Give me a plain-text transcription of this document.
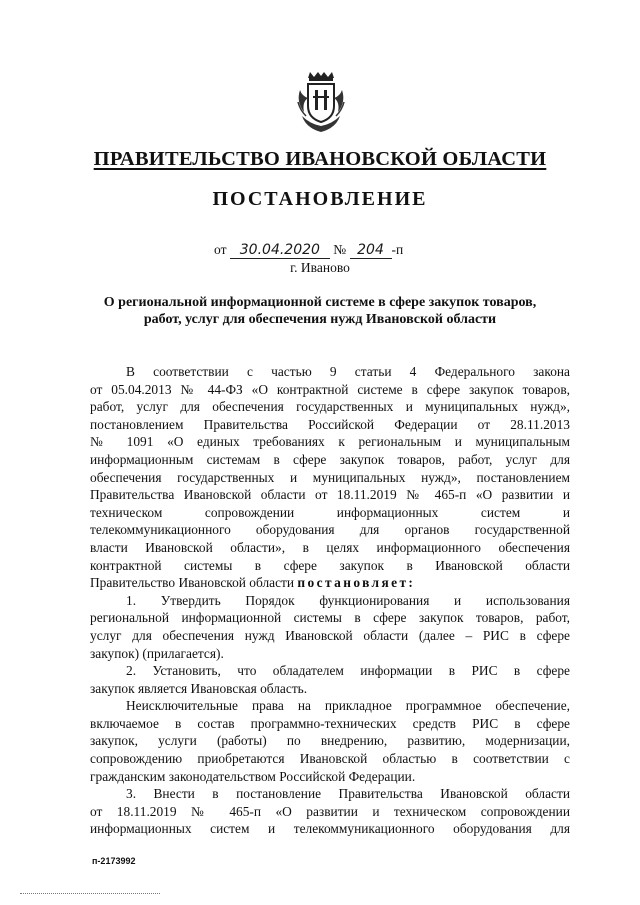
ПРАВИТЕЛЬСТВО ИВАНОВСКОЙ ОБЛАСТИ
ПОСТАНОВЛЕНИЕ
от 30.04.2020 № 204 -п
г. Иваново
О региональной информационной системе в сфере закупок товаров,
работ, услуг для обеспечения нужд Ивановской области
В соответствии с частью 9 статьи 4 Федерального закона
от 05.04.2013 № 44-ФЗ «О контрактной системе в сфере закупок товаров,
работ, услуг для обеспечения государственных и муниципальных нужд»,
постановлением Правительства Российской Федерации от 28.11.2013
№ 1091 «О единых требованиях к региональным и муниципальным
информационным системам в сфере закупок товаров, работ, услуг для
обеспечения государственных и муниципальных нужд», постановлением
Правительства Ивановской области от 18.11.2019 № 465-п «О развитии и
техническом сопровождении информационных систем и
телекоммуникационного оборудования для органов государственной
власти Ивановской области», в целях информационного обеспечения
контрактной системы в сфере закупок в Ивановской области
Правительство Ивановской области постановляет:
1. Утвердить Порядок функционирования и использования
региональной информационной системы в сфере закупок товаров, работ,
услуг для обеспечения нужд Ивановской области (далее – РИС в сфере
закупок) (прилагается).
2. Установить, что обладателем информации в РИС в сфере
закупок является Ивановская область.
Неисключительные права на прикладное программное обеспечение,
включаемое в состав программно-технических средств РИС в сфере
закупок, услуги (работы) по внедрению, развитию, модернизации,
сопровождению приобретаются Ивановской областью в соответствии с
гражданским законодательством Российской Федерации.
3. Внести в постановление Правительства Ивановской области
от 18.11.2019 № 465-п «О развитии и техническом сопровождении
информационных систем и телекоммуникационного оборудования для
п-2173992
